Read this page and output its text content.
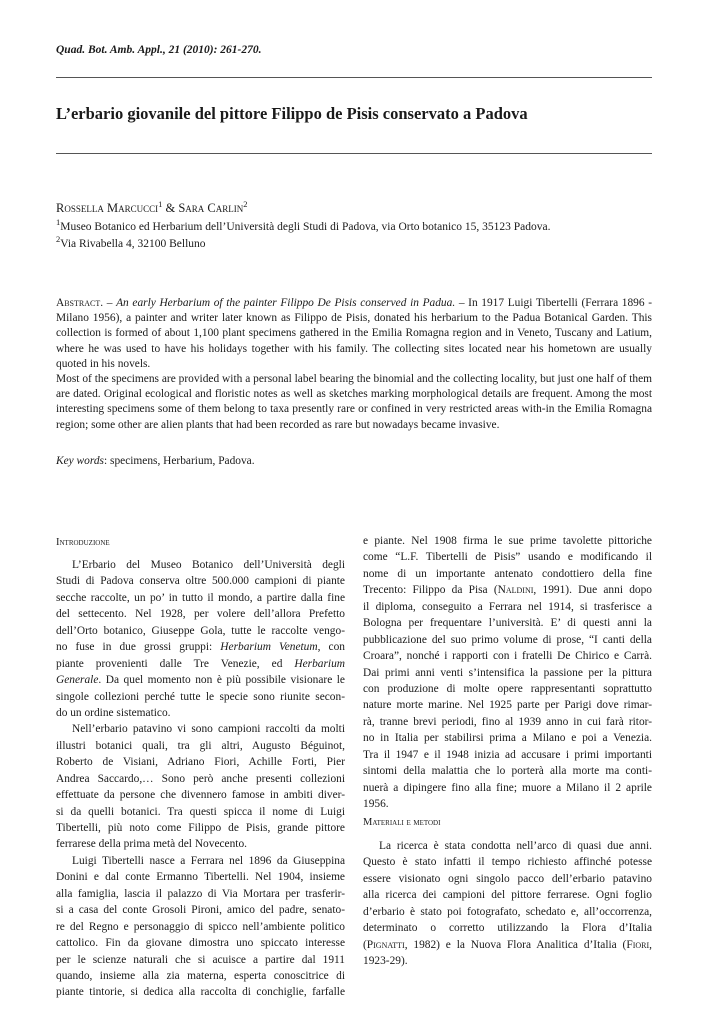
Quad. Bot. Amb. Appl., 21 (2010): 261-270.
L’erbario giovanile del pittore Filippo de Pisis conservato a Padova
Rossella Marcucci$^1$ & Sara Carlin$^2$
$^1$Museo Botanico ed Herbarium dell’Università degli Studi di Padova, via Orto botanico 15, 35123 Padova.
$^2$Via Rivabella 4, 32100 Belluno

Abstract. – An early Herbarium of the painter Filippo De Pisis conserved in Padua. – In 1917 Luigi Tibertelli (Ferrara 1896 - Milano 1956), a painter and writer later known as Filippo de Pisis, donated his herbarium to the Padua Botanical Garden. This collection is formed of about 1,100 plant specimens gathered in the Emilia Romagna region and in Veneto, Tuscany and Latium, where he was used to have his holidays together with his family. The collecting sites located near his hometown are usually quoted in his novels.

Most of the specimens are provided with a personal label bearing the binomial and the collecting locality, but just one half of them are dated. Original ecological and floristic notes as well as sketches marking morphological details are frequent. Among the most interesting specimens some of them belong to taxa presently rare or confined in very restricted areas with-in the Emilia Romagna region; some other are alien plants that had been recorded as rare but nowadays became invasive.

Key words: specimens, Herbarium, Padova.
Introduzione
L’Erbario del Museo Botanico dell’Università degli
Studi di Padova conserva oltre 500.000 campioni di piante
secche raccolte, un po’ in tutto il mondo, a partire dalla fine
del settecento. Nel 1928, per volere dell’allora Prefetto
dell’Orto botanico, Giuseppe Gola, tutte le raccolte vengo-
no fuse in due grossi gruppi: Herbarium Venetum, con
piante provenienti dalle Tre Venezie, ed Herbarium
Generale. Da quel momento non è più possibile visionare le
singole collezioni perché tutte le specie sono riunite secon-
do un ordine sistematico.
Nell’erbario patavino vi sono campioni raccolti da molti
illustri botanici quali, tra gli altri, Augusto Béguinot,
Roberto de Visiani, Adriano Fiori, Achille Forti, Pier
Andrea Saccardo,… Sono però anche presenti collezioni
effettuate da persone che divennero famose in ambiti diver-
si da quelli botanici. Tra questi spicca il nome di Luigi
Tibertelli, più noto come Filippo de Pisis, grande pittore
ferrarese della prima metà del Novecento.
Luigi Tibertelli nasce a Ferrara nel 1896 da Giuseppina
Donini e dal conte Ermanno Tibertelli. Nel 1904, insieme
alla famiglia, lascia il palazzo di Via Mortara per trasferir-
si a casa del conte Grosoli Pironi, amico del padre, senato-
re del Regno e personaggio di spicco nell’ambiente politico
cattolico. Fin da giovane dimostra uno spiccato interesse
per le scienze naturali che si acuisce a partire dal 1911
quando, insieme alla zia materna, esperta conoscitrice di
piante tintorie, si dedica alla raccolta di conchiglie, farfalle
e piante. Nel 1908 firma le sue prime tavolette pittoriche
come “L.F. Tibertelli de Pisis” usando e modificando il
nome di un importante antenato condottiero della fine
Trecento: Filippo da Pisa (Naldini, 1991). Due anni dopo
il diploma, conseguito a Ferrara nel 1914, si trasferisce a
Bologna per frequentare l’università. E’ di questi anni la
pubblicazione del suo primo volume di prose, “I canti della
Croara”, nonché i rapporti con i fratelli De Chirico e Carrà.
Dai primi anni venti s’intensifica la passione per la pittura
con produzione di molte opere rappresentanti soprattutto
nature morte marine. Nel 1925 parte per Parigi dove rimar-
rà, tranne brevi periodi, fino al 1939 anno in cui farà ritor-
no in Italia per stabilirsi prima a Milano e poi a Venezia.
Tra il 1947 e il 1948 inizia ad accusare i primi importanti
sintomi della malattia che lo porterà alla morte ma conti-
nuerà a dipingere fino alla fine; muore a Milano il 2 aprile
1956.
Materiali e metodi
La ricerca è stata condotta nell’arco di quasi due anni.
Questo è stato infatti il tempo richiesto affinché potesse
essere visionato ogni singolo pacco dell’erbario patavino
alla ricerca dei campioni del pittore ferrarese. Ogni foglio
d’erbario è stato poi fotografato, schedato e, all’occorrenza,
determinato o corretto utilizzando la Flora d’Italia
(Pignatti, 1982) e la Nuova Flora Analitica d’Italia (Fiori,
1923-29).
